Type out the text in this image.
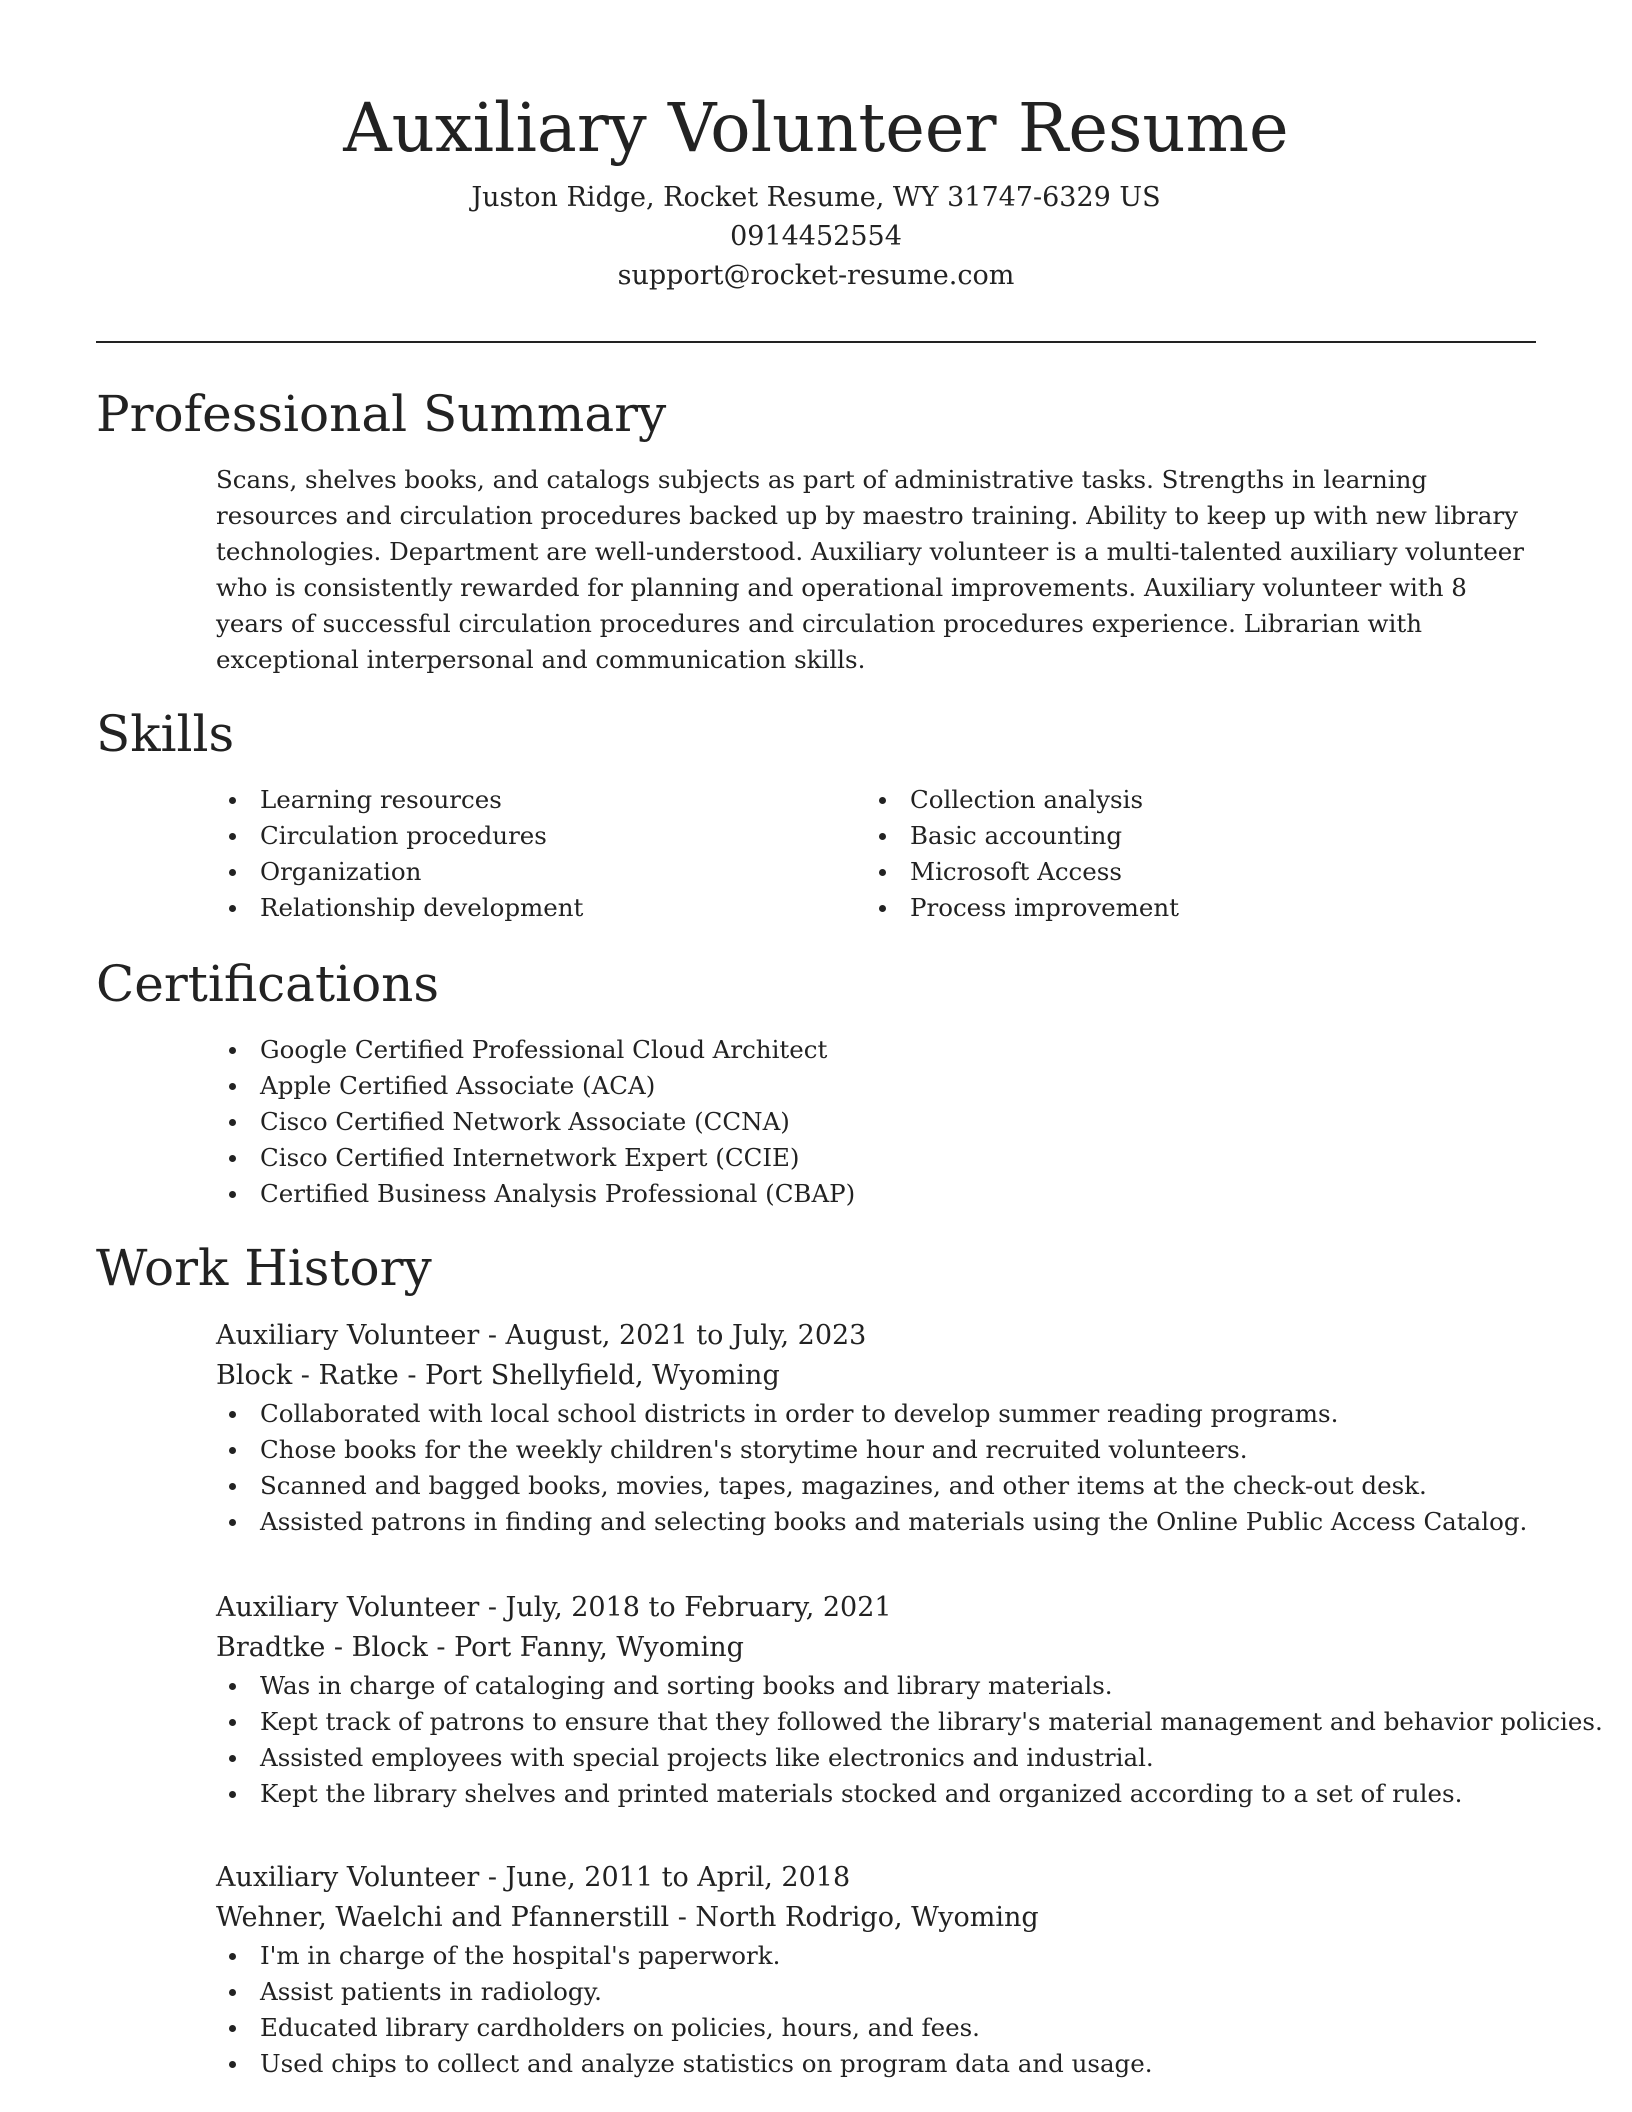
Auxiliary Volunteer Resume

Juston Ridge, Rocket Resume, WY 31747-6329 US

0914452554

support@rocket-resume.com

Professional Summary

Scans, shelves books, and catalogs subjects as part of administrative tasks. Strengths in learning resources and circulation procedures backed up by maestro training. Ability to keep up with new library technologies. Department are well-understood. Auxiliary volunteer is a multi-talented auxiliary volunteer who is consistently rewarded for planning and operational improvements. Auxiliary volunteer with 8 years of successful circulation procedures and circulation procedures experience. Librarian with exceptional interpersonal and communication skills.

Skills
Learning resources
Circulation procedures
Organization
Relationship development
Collection analysis
Basic accounting
Microsoft Access
Process improvement
Certifications
Google Certified Professional Cloud Architect
Apple Certified Associate (ACA)
Cisco Certified Network Associate (CCNA)
Cisco Certified Internetwork Expert (CCIE)
Certified Business Analysis Professional (CBAP)
Work History

Auxiliary Volunteer - August, 2021 to July, 2023

Block - Ratke - Port Shellyfield, Wyoming

Collaborated with local school districts in order to develop summer reading programs.
Chose books for the weekly children's storytime hour and recruited volunteers.
Scanned and bagged books, movies, tapes, magazines, and other items at the check-out desk.
Assisted patrons in finding and selecting books and materials using the Online Public Access Catalog.

Auxiliary Volunteer - July, 2018 to February, 2021

Bradtke - Block - Port Fanny, Wyoming

Was in charge of cataloging and sorting books and library materials.
Kept track of patrons to ensure that they followed the library's material management and behavior policies.
Assisted employees with special projects like electronics and industrial.
Kept the library shelves and printed materials stocked and organized according to a set of rules.

Auxiliary Volunteer - June, 2011 to April, 2018

Wehner, Waelchi and Pfannerstill - North Rodrigo, Wyoming

I'm in charge of the hospital's paperwork.
Assist patients in radiology.
Educated library cardholders on policies, hours, and fees.
Used chips to collect and analyze statistics on program data and usage.
